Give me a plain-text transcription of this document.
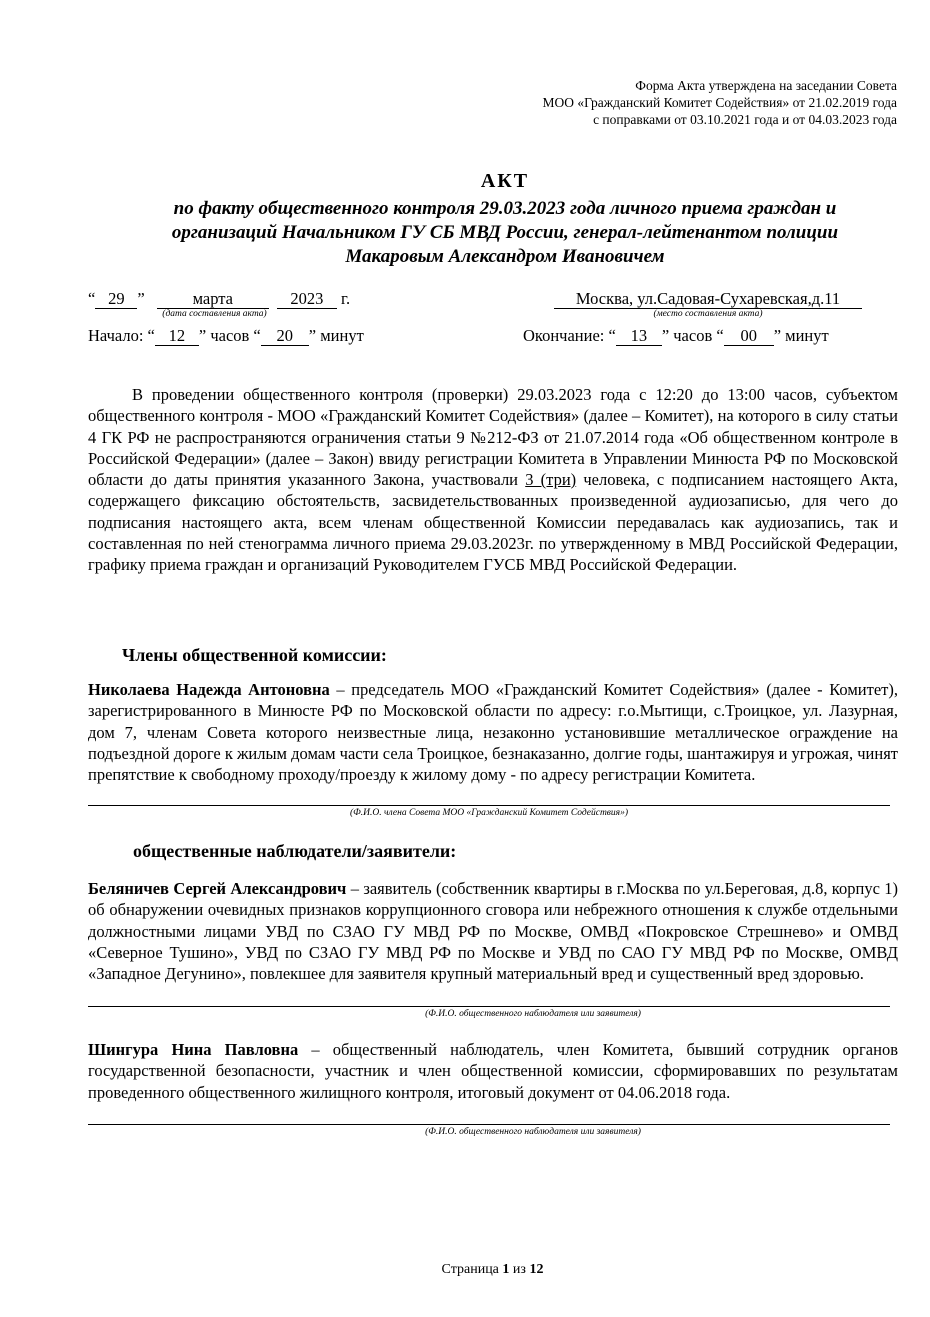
Форма Акта утверждена на заседании Совета
МОО «Гражданский Комитет Содействия» от 21.02.2019 года
с поправками от 03.10.2021 года и от 04.03.2023 года
АКТ
по факту общественного контроля 29.03.2023 года личного приема граждан и
организаций Начальником ГУ СБ МВД России, генерал-лейтенантом полиции
Макаровым Александром Ивановичем
“ 29 ”	марта	2023 г.
(дата составления акта)
Москва, ул.Садовая-Сухаревская,д.11
(место составления акта)
Начало: “ 12 ” часов “ 20 ” минут	Окончание: “ 13 ” часов “ 00 ” минут

В проведении общественного контроля (проверки) 29.03.2023 года с 12:20 до 13:00 часов, субъектом общественного контроля - МОО «Гражданский Комитет Содействия» (далее – Комитет), на которого в силу статьи 4 ГК РФ не распространяются ограничения статьи 9 №212-ФЗ от 21.07.2014 года «Об общественном контроле в Российской Федерации» (далее – Закон) ввиду регистрации Комитета в Управлении Минюста РФ по Московской области до даты принятия указанного Закона, участвовали 3 (три) человека, с подписанием настоящего Акта, содержащего фиксацию обстоятельств, засвидетельствованных произведенной аудиозаписью, для чего до подписания настоящего акта, всем членам общественной Комиссии передавалась как аудиозапись, так и составленная по ней стенограмма личного приема 29.03.2023г. по утвержденному в МВД Российской Федерации, графику приема граждан и организаций Руководителем ГУСБ МВД Российской Федерации.

Члены общественной комиссии:

Николаева Надежда Антоновна – председатель МОО «Гражданский Комитет Содействия» (далее - Комитет), зарегистрированного в Минюсте РФ по Московской области по адресу: г.о.Мытищи, с.Троицкое, ул. Лазурная, дом 7, членам Совета которого неизвестные лица, незаконно установившие металлическое ограждение на подъездной дороге к жилым домам части села Троицкое, безнаказанно, долгие годы, шантажируя и угрожая, чинят препятствие к свободному проходу/проезду к жилому дому - по адресу регистрации Комитета.

(Ф.И.О. члена Совета МОО «Гражданский Комитет Содействия»)
общественные наблюдатели/заявители:

Беляничев Сергей Александрович – заявитель (собственник квартиры в г.Москва по ул.Береговая, д.8, корпус 1) об обнаружении очевидных признаков коррупционного сговора или небрежного отношения к службе отдельными должностными лицами УВД по СЗАО ГУ МВД РФ по Москве, ОМВД «Покровское Стрешнево» и ОМВД «Северное Тушино», УВД по СЗАО ГУ МВД РФ по Москве и УВД по САО ГУ МВД РФ по Москве, ОМВД «Западное Дегунино», повлекшее для заявителя крупный материальный вред и существенный вред здоровью.

(Ф.И.О. общественного наблюдателя или заявителя)

Шингура Нина Павловна – общественный наблюдатель, член Комитета, бывший сотрудник органов государственной безопасности, участник и член общественной комиссии, сформировавших по результатам проведенного общественного жилищного контроля, итоговый документ от 04.06.2018 года.

(Ф.И.О. общественного наблюдателя или заявителя)
Страница 1 из 12
